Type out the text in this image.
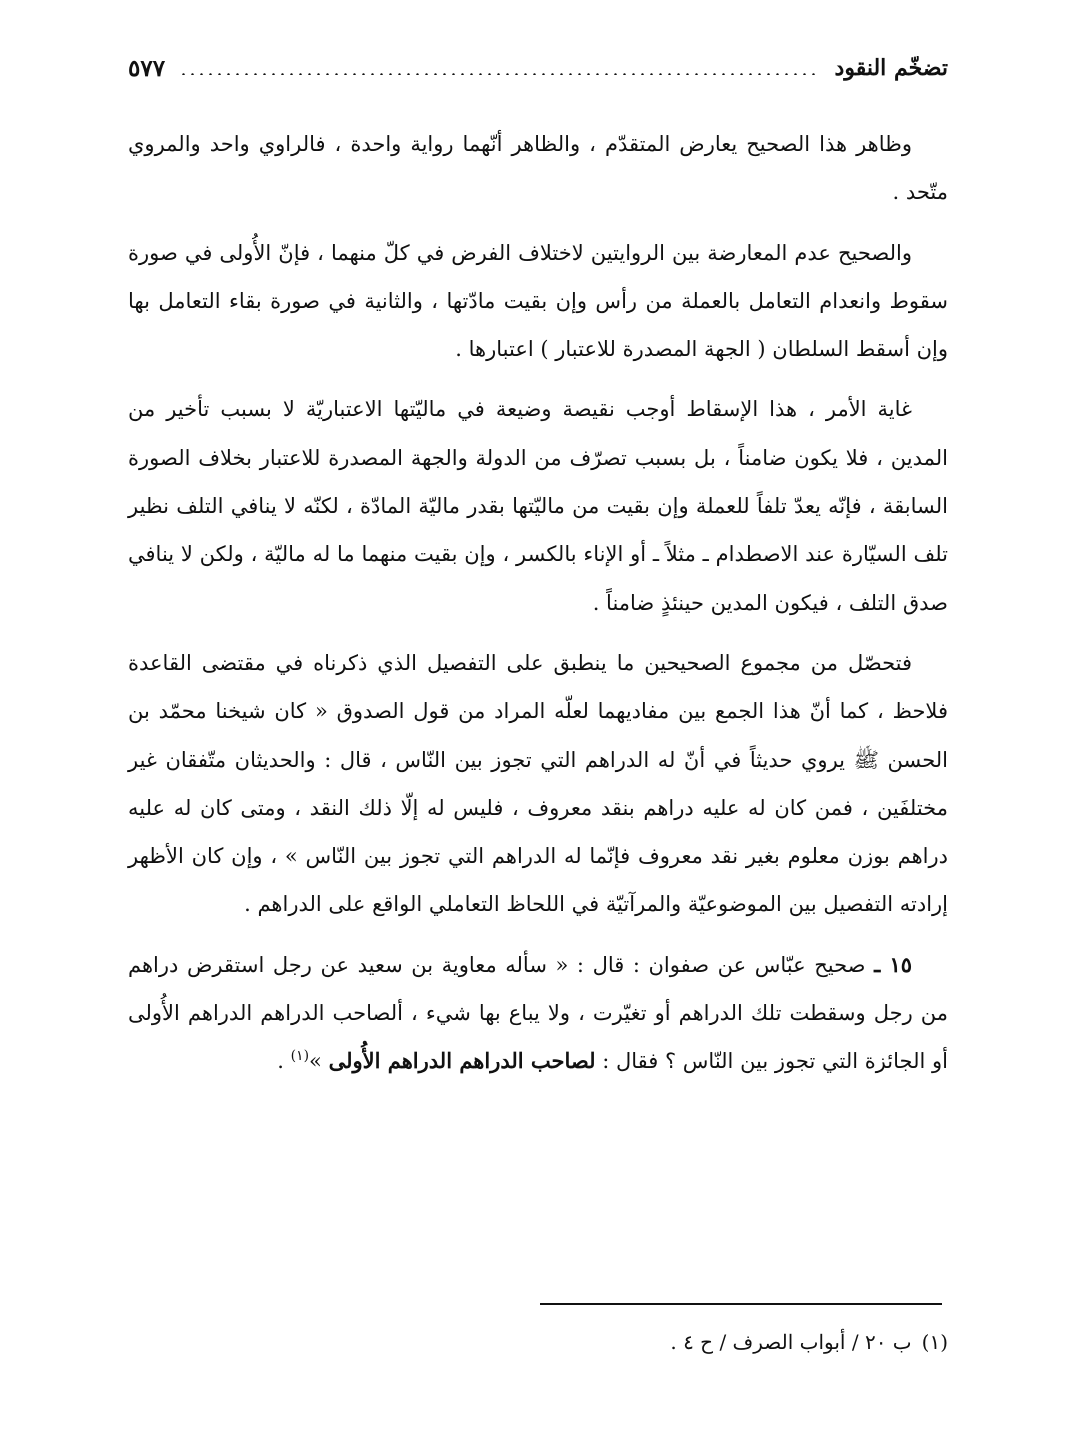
تضخّم النقود
٥٧٧

وظاهر هذا الصحيح يعارض المتقدّم ، والظاهر أنّهما رواية واحدة ، فالراوي واحد والمروي متّحد .

والصحيح عدم المعارضة بين الروايتين لاختلاف الفرض في كلّ منهما ، فإنّ الأُولى في صورة سقوط وانعدام التعامل بالعملة من رأس وإن بقيت مادّتها ، والثانية في صورة بقاء التعامل بها وإن أسقط السلطان ( الجهة المصدرة للاعتبار ) اعتبارها .

غاية الأمر ، هذا الإسقاط أوجب نقيصة وضيعة في ماليّتها الاعتباريّة لا بسبب تأخير من المدين ، فلا يكون ضامناً ، بل بسبب تصرّف من الدولة والجهة المصدرة للاعتبار بخلاف الصورة السابقة ، فإنّه يعدّ تلفاً للعملة وإن بقيت من ماليّتها بقدر ماليّة المادّة ، لكنّه لا ينافي التلف نظير تلف السيّارة عند الاصطدام ـ مثلاً ـ أو الإناء بالكسر ، وإن بقيت منهما ما له ماليّة ، ولكن لا ينافي صدق التلف ، فيكون المدين حينئذٍ ضامناً .

فتحصّل من مجموع الصحيحين ما ينطبق على التفصيل الذي ذكرناه في مقتضى القاعدة فلاحظ ، كما أنّ هذا الجمع بين مفاديهما لعلّه المراد من قول الصدوق « كان شيخنا محمّد بن الحسن ﷺ يروي حديثاً في أنّ له الدراهم التي تجوز بين النّاس ، قال : والحديثان متّفقان غير مختلفَين ، فمن كان له عليه دراهم بنقد معروف ، فليس له إلّا ذلك النقد ، ومتى كان له عليه دراهم بوزن معلوم بغير نقد معروف فإنّما له الدراهم التي تجوز بين النّاس » ، وإن كان الأظهر إرادته التفصيل بين الموضوعيّة والمرآتيّة في اللحاظ التعاملي الواقع على الدراهم .

١٥ ـ صحيح عبّاس عن صفوان : قال : « سأله معاوية بن سعيد عن رجل استقرض دراهم من رجل وسقطت تلك الدراهم أو تغيّرت ، ولا يباع بها شيء ، ألصاحب الدراهم الدراهم الأُولى أو الجائزة التي تجوز بين النّاس ؟ فقال : لصاحب الدراهم الدراهم الأُولى »$^{(١)}$ .

(١)ب ٢٠ / أبواب الصرف / ح ٤ .
